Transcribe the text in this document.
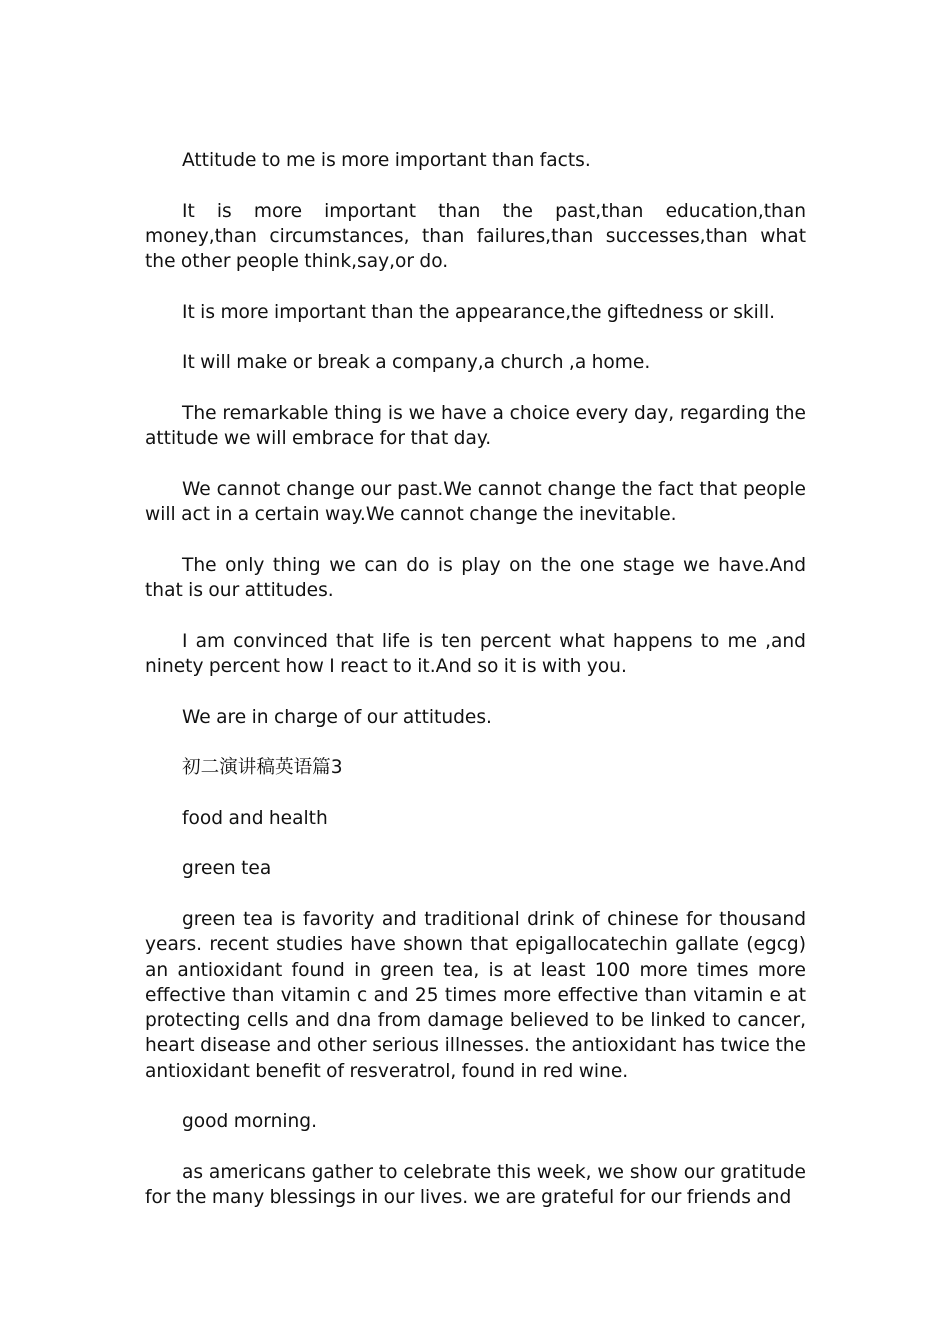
Attitude to me is more important than facts.

It is more important than the past,than education,than money,than circumstances, than failures,than successes,than what the other people think,say,or do.

It is more important than the appearance,the giftedness or skill.

It will make or break a company,a church ,a home.

The remarkable thing is we have a choice every day, regarding the attitude we will embrace for that day.

We cannot change our past.We cannot change the fact that people will act in a certain way.We cannot change the inevitable.

The only thing we can do is play on the one stage we have.And that is our attitudes.

I am convinced that life is ten percent what happens to me ,and ninety percent how I react to it.And so it is with you.

We are in charge of our attitudes.

初二演讲稿英语篇3

food and health

green tea

green tea is favority and traditional drink of chinese for thousand years. recent studies have shown that epigallocatechin gallate (egcg) an antioxidant found in green tea, is at least 100 more times more effective than vitamin c and 25 times more effective than vitamin e at protecting cells and dna from damage believed to be linked to cancer, heart disease and other serious illnesses. the antioxidant has twice the antioxidant benefit of resveratrol, found in red wine.

good morning.

as americans gather to celebrate this week, we show our gratitude for the many blessings in our lives. we are grateful for our friends and
